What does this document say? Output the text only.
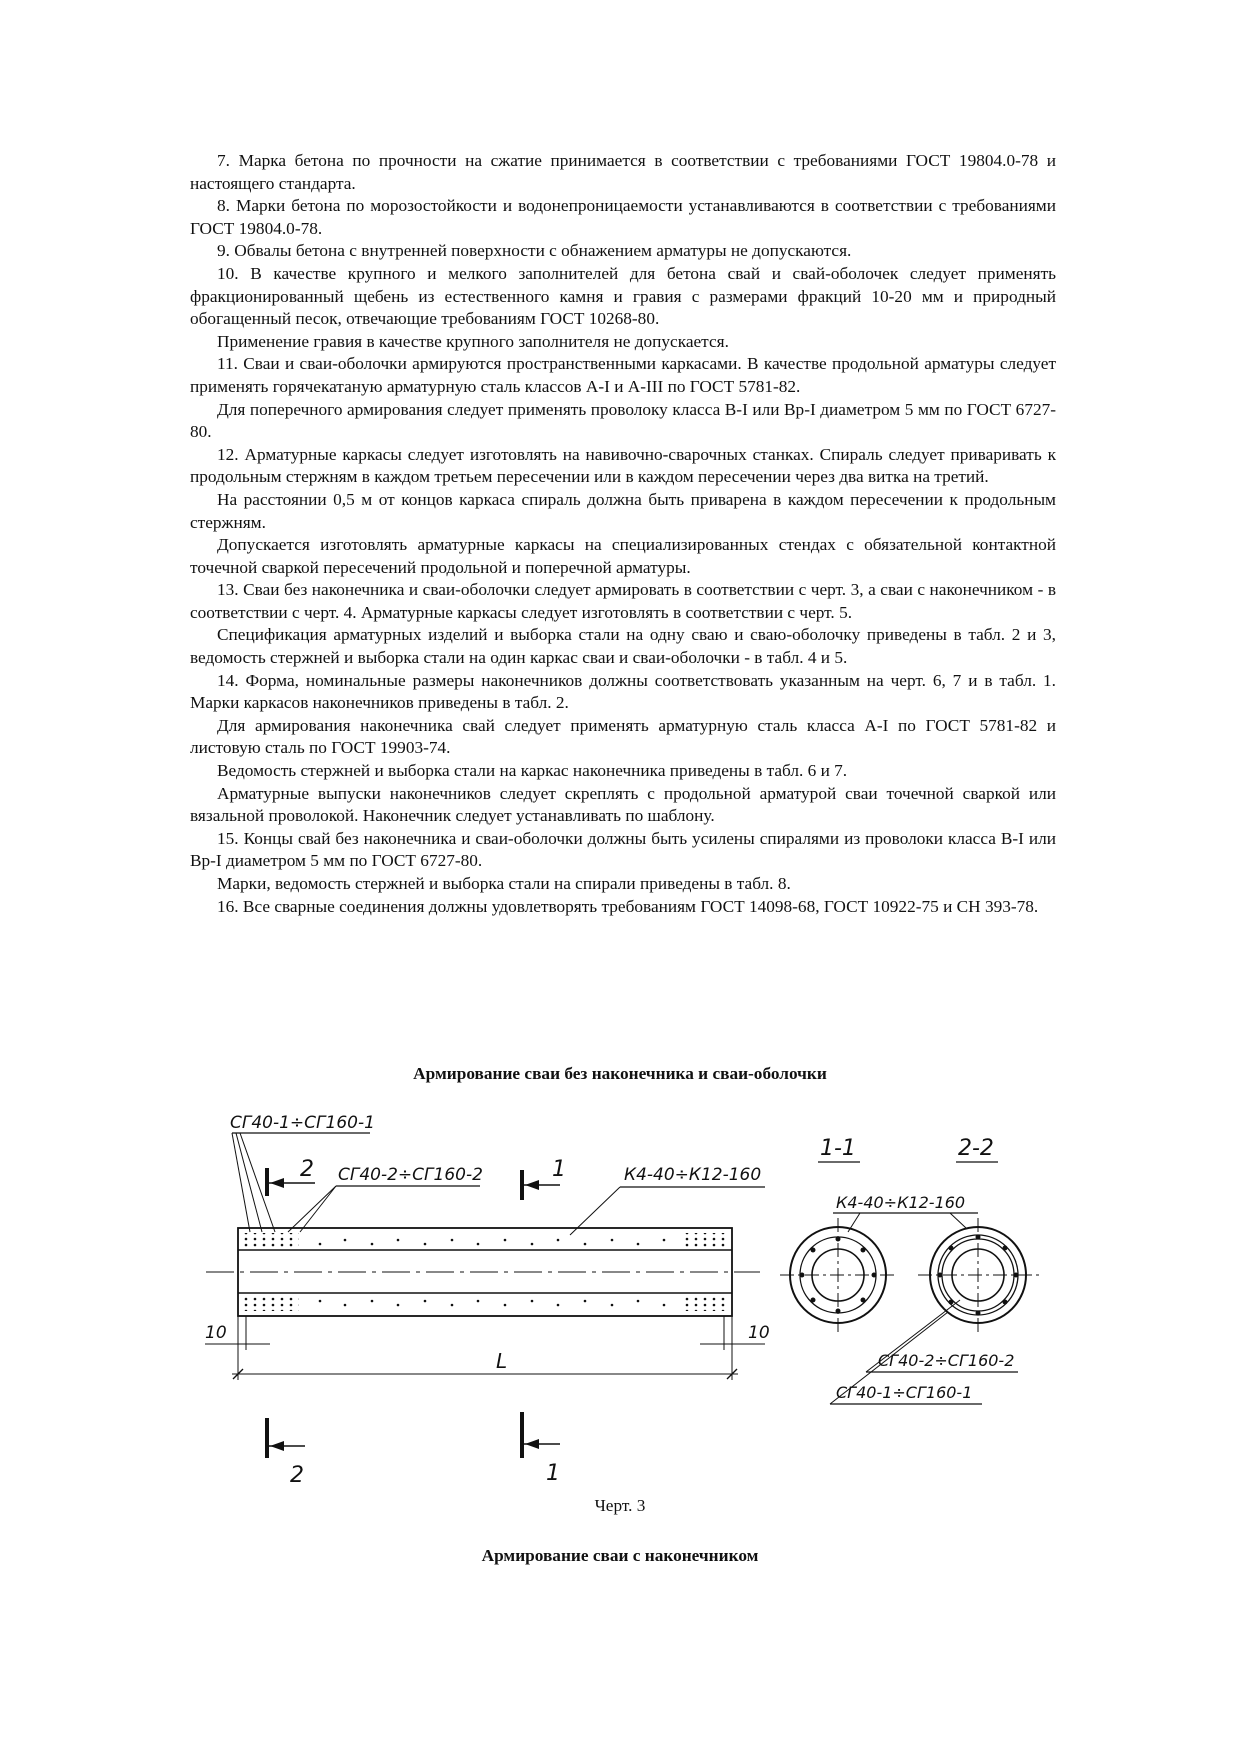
7. Марка бетона по прочности на сжатие принимается в соответствии с требованиями ГОСТ 19804.0-78 и настоящего стандарта.

8. Марки бетона по морозостойкости и водонепроницаемости устанавливаются в соответствии с требованиями ГОСТ 19804.0-78.

9. Обвалы бетона с внутренней поверхности с обнажением арматуры не допускаются.

10. В качестве крупного и мелкого заполнителей для бетона свай и свай-оболочек следует применять фракционированный щебень из естественного камня и гравия с размерами фракций 10-20 мм и природный обогащенный песок, отвечающие требованиям ГОСТ 10268-80.

Применение гравия в качестве крупного заполнителя не допускается.

11. Сваи и сваи-оболочки армируются пространственными каркасами. В качестве продольной арматуры следует применять горячекатаную арматурную сталь классов А-I и А-III по ГОСТ 5781-82.

Для поперечного армирования следует применять проволоку класса В-I или Вр-I диаметром 5 мм по ГОСТ 6727-80.

12. Арматурные каркасы следует изготовлять на навивочно-сварочных станках. Спираль следует приваривать к продольным стержням в каждом третьем пересечении или в каждом пересечении через два витка на третий.

На расстоянии 0,5 м от концов каркаса спираль должна быть приварена в каждом пересечении к продольным стержням.

Допускается изготовлять арматурные каркасы на специализированных стендах с обязательной контактной точечной сваркой пересечений продольной и поперечной арматуры.

13. Сваи без наконечника и сваи-оболочки следует армировать в соответствии с черт. 3, а сваи с наконечником - в соответствии с черт. 4. Арматурные каркасы следует изготовлять в соответствии с черт. 5.

Спецификация арматурных изделий и выборка стали на одну сваю и сваю-оболочку приведены в табл. 2 и 3, ведомость стержней и выборка стали на один каркас сваи и сваи-оболочки - в табл. 4 и 5.

14. Форма, номинальные размеры наконечников должны соответствовать указанным на черт. 6, 7 и в табл. 1. Марки каркасов наконечников приведены в табл. 2.

Для армирования наконечника свай следует применять арматурную сталь класса А-I по ГОСТ 5781-82 и листовую сталь по ГОСТ 19903-74.

Ведомость стержней и выборка стали на каркас наконечника приведены в табл. 6 и 7.

Арматурные выпуски наконечников следует скреплять с продольной арматурой сваи точечной сваркой или вязальной проволокой. Наконечник следует устанавливать по шаблону.

15. Концы свай без наконечника и сваи-оболочки должны быть усилены спиралями из проволоки класса В-I или Вр-I диаметром 5 мм по ГОСТ 6727-80.

Марки, ведомость стержней и выборка стали на спирали приведены в табл. 8.

16. Все сварные соединения должны удовлетворять требованиям ГОСТ 14098-68, ГОСТ 10922-75 и СН 393-78.

Армирование сваи без наконечника и сваи-оболочки
СГ40-1÷СГ160-1
2 СГ40-2÷СГ160-2	1	К4-40÷К12-160
10	10
L
2	1
1-1	2-2
К4-40÷К12-160
СГ40-2÷СГ160-2
СГ40-1÷СГ160-1
Черт. 3
Армирование сваи с наконечником
